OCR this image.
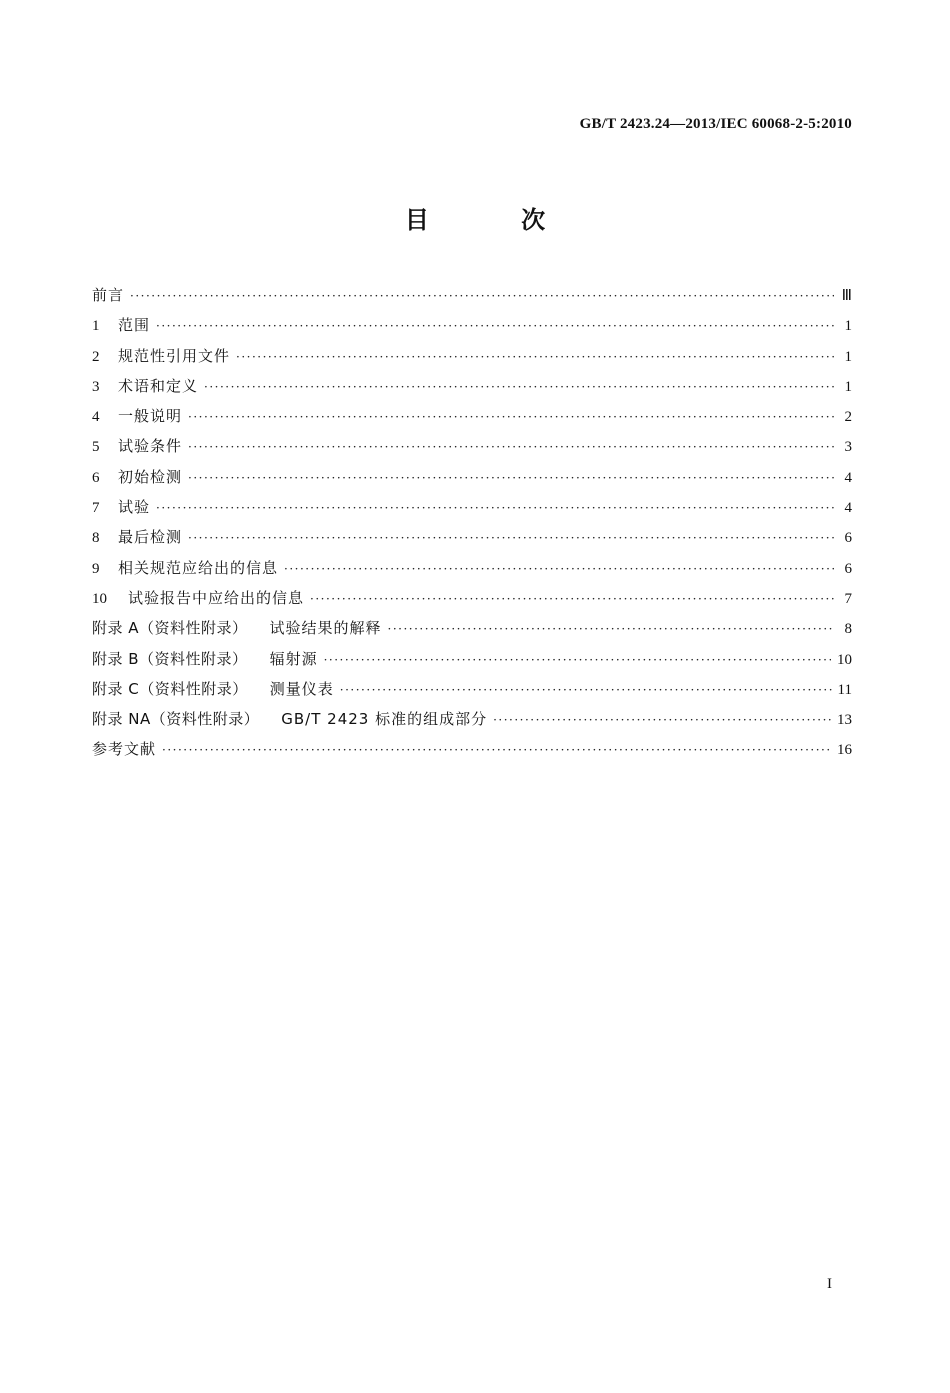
GB/T 2423.24—2013/IEC 60068-2-5:2010
目 次
前言 ·····	Ⅲ
1	范围 ·····	1
2	规范性引用文件 ·····	1
3	术语和定义 ·····	1
4	一般说明 ·····	2
5	试验条件 ·····	3
6	初始检测 ·····	4
7	试验 ·····	4
8	最后检测 ·····	6
9	相关规范应给出的信息 ·····	6
10	试验报告中应给出的信息 ·····	7
附录 A（资料性附录） 试验结果的解释 ·····	8
附录 B（资料性附录） 辐射源 ·····	10
附录 C（资料性附录） 测量仪表 ·····	11
附录 NA（资料性附录） GB/T 2423 标准的组成部分 ·····	13
参考文献 ·····	16
I
